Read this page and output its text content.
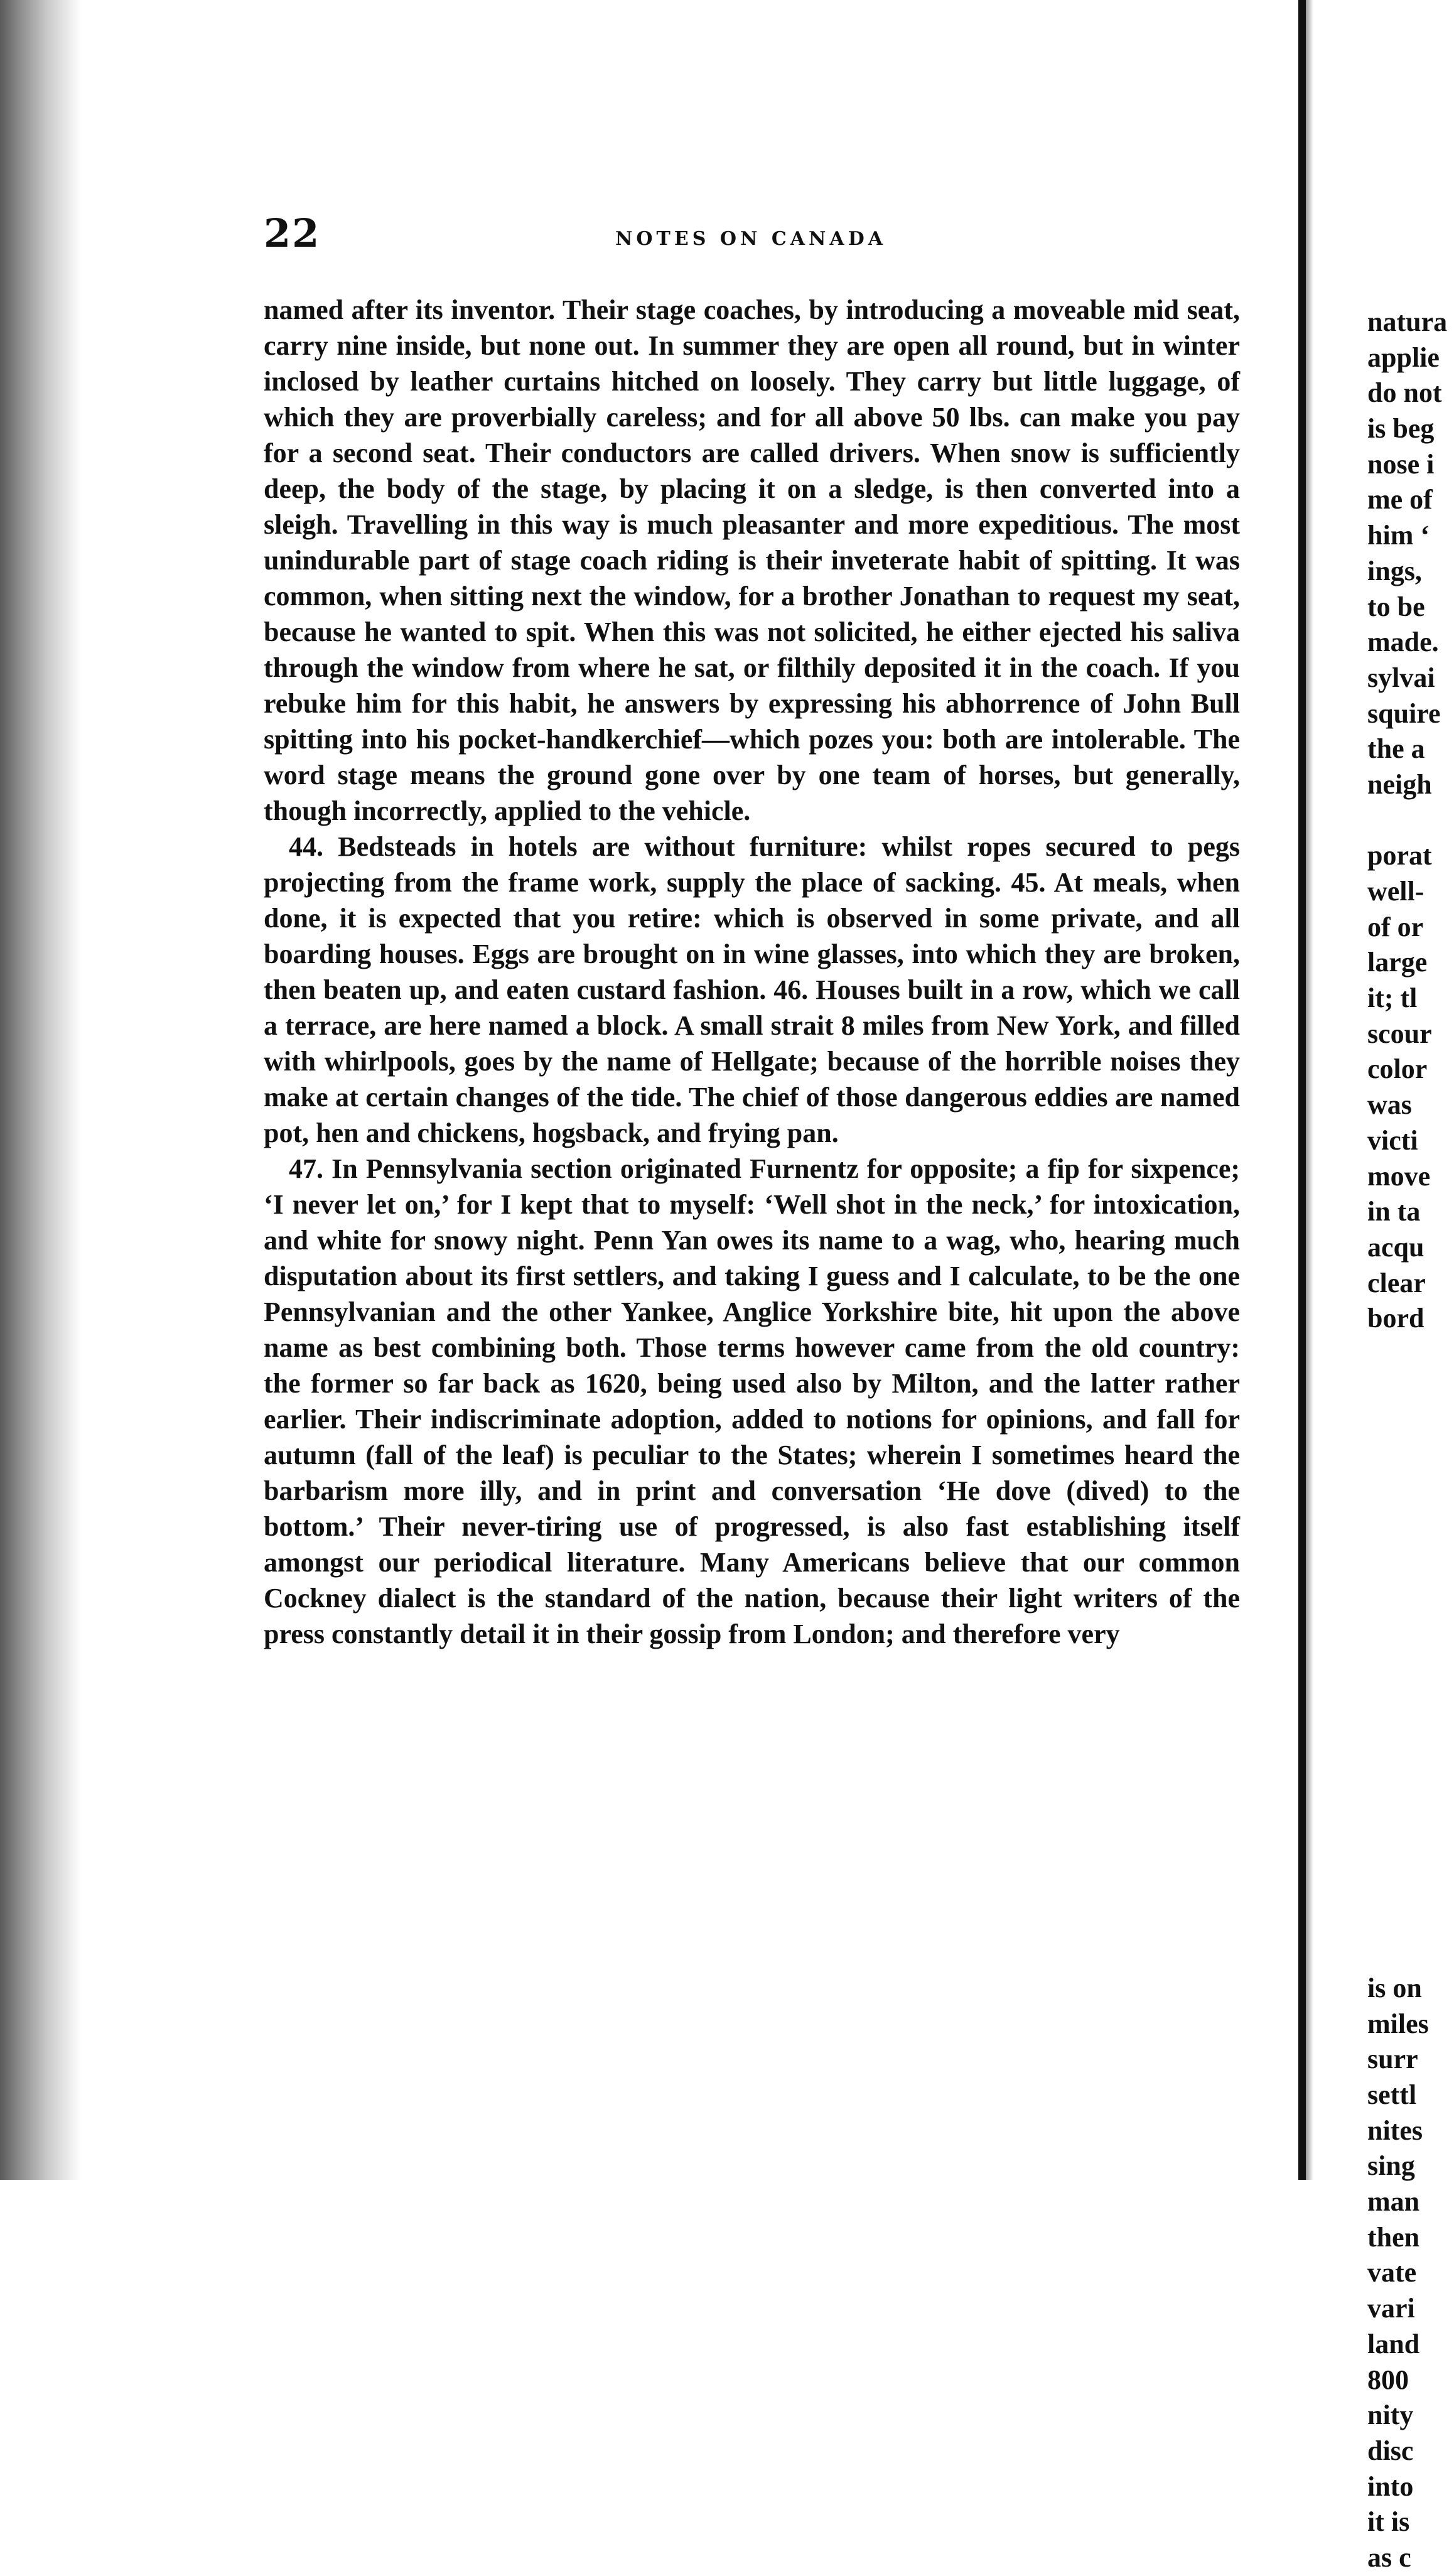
22	NOTES ON CANADA

named after its inventor. Their stage coaches, by introducing a moveable mid seat, carry nine inside, but none out. In summer they are open all round, but in winter inclosed by leather curtains hitched on loosely. They carry but little luggage, of which they are proverbially careless; and for all above 50 lbs. can make you pay for a second seat. Their conductors are called drivers. When snow is sufficiently deep, the body of the stage, by placing it on a sledge, is then converted into a sleigh. Travelling in this way is much pleasanter and more expeditious. The most unindurable part of stage coach riding is their inveterate habit of spitting. It was common, when sitting next the window, for a brother Jonathan to request my seat, because he wanted to spit. When this was not solicited, he either ejected his saliva through the window from where he sat, or filthily deposited it in the coach. If you rebuke him for this habit, he answers by expressing his abhorrence of John Bull spitting into his pocket-handkerchief—which pozes you: both are intolerable. The word stage means the ground gone over by one team of horses, but generally, though incorrectly, applied to the vehicle.

44. Bedsteads in hotels are without furniture: whilst ropes secured to pegs projecting from the frame work, supply the place of sacking. 45. At meals, when done, it is expected that you retire: which is observed in some private, and all boarding houses. Eggs are brought on in wine glasses, into which they are broken, then beaten up, and eaten custard fashion. 46. Houses built in a row, which we call a terrace, are here named a block. A small strait 8 miles from New York, and filled with whirlpools, goes by the name of Hellgate; because of the horrible noises they make at certain changes of the tide. The chief of those dangerous eddies are named pot, hen and chickens, hogsback, and frying pan.

47. In Pennsylvania section originated Furnentz for opposite; a fip for sixpence; ‘I never let on,’ for I kept that to myself: ‘Well shot in the neck,’ for intoxication, and white for snowy night. Penn Yan owes its name to a wag, who, hearing much disputation about its first settlers, and taking I guess and I calculate, to be the one Pennsylvanian and the other Yankee, Anglice Yorkshire bite, hit upon the above name as best combining both. Those terms however came from the old country: the former so far back as 1620, being used also by Milton, and the latter rather earlier. Their indiscriminate adoption, added to notions for opinions, and fall for autumn (fall of the leaf) is peculiar to the States; wherein I sometimes heard the barbarism more illy, and in print and conversation ‘He dove (dived) to the bottom.’ Their never-tiring use of progressed, is also fast establishing itself amongst our periodical literature. Many Americans believe that our common Cockney dialect is the standard of the nation, because their light writers of the press constantly detail it in their gossip from London; and therefore very

natura
applie
do not
is beg
nose i
me of
him ‘
ings,
to be
made.
sylvai
squire
the a
neigh
porat
well-
of or
large
it; tl
scour
color
was
victi
move
in ta
acqu
clear
bord
is on
miles
surr
settl
nites
sing
man
then
vate
vari
land
800
nity
disc
into
it is
as c
